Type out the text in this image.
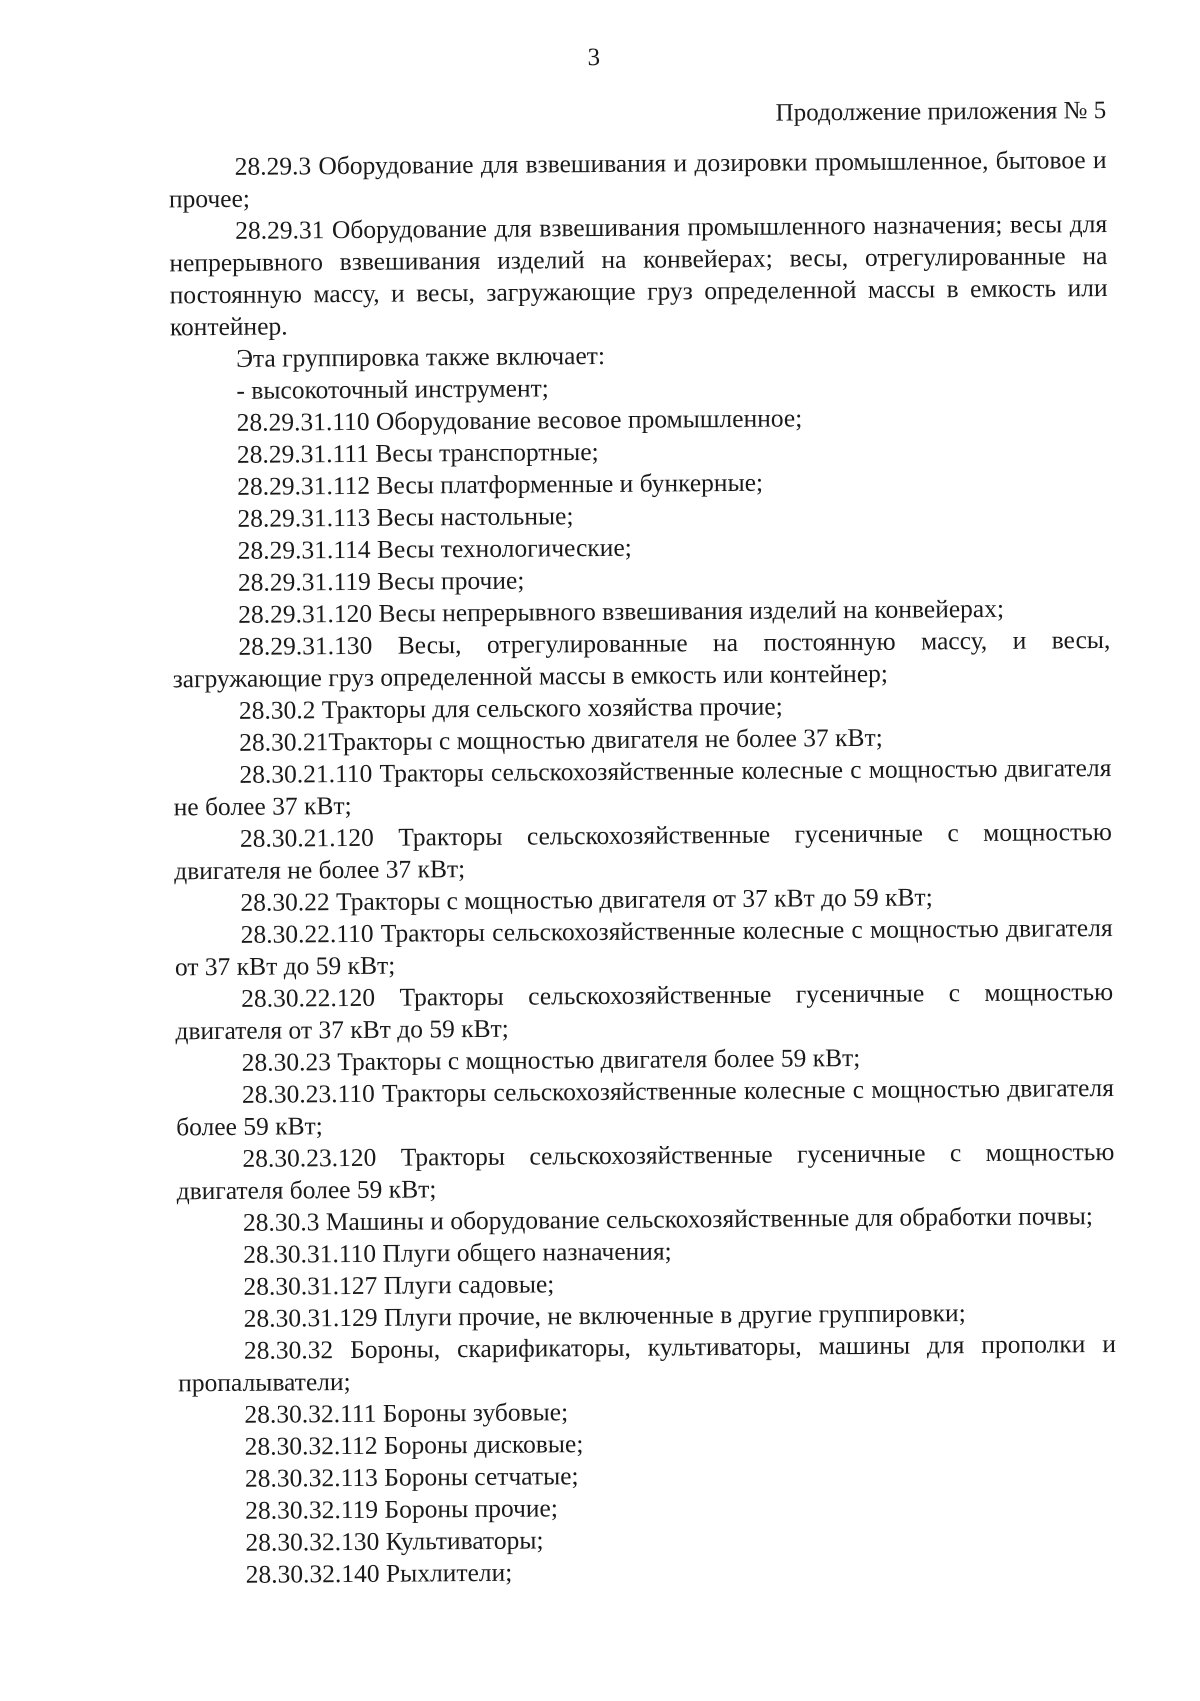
3
Продолжение приложения № 5

28.29.3 Оборудование для взвешивания и дозировки промышленное, бытовое и прочее;

28.29.31 Оборудование для взвешивания промышленного назначения; весы для непрерывного взвешивания изделий на конвейерах; весы, отрегулированные на постоянную массу, и весы, загружающие груз определенной массы в емкость или контейнер.

Эта группировка также включает:

- высокоточный инструмент;

28.29.31.110 Оборудование весовое промышленное;

28.29.31.111 Весы транспортные;

28.29.31.112 Весы платформенные и бункерные;

28.29.31.113 Весы настольные;

28.29.31.114 Весы технологические;

28.29.31.119 Весы прочие;

28.29.31.120 Весы непрерывного взвешивания изделий на конвейерах;

28.29.31.130 Весы, отрегулированные на постоянную массу, и весы, загружающие груз определенной массы в емкость или контейнер;

28.30.2 Тракторы для сельского хозяйства прочие;

28.30.21Тракторы с мощностью двигателя не более 37 кВт;

28.30.21.110 Тракторы сельскохозяйственные колесные с мощностью двигателя не более 37 кВт;

28.30.21.120 Тракторы сельскохозяйственные гусеничные с мощностью двигателя не более 37 кВт;

28.30.22 Тракторы с мощностью двигателя от 37 кВт до 59 кВт;

28.30.22.110 Тракторы сельскохозяйственные колесные с мощностью двигателя от 37 кВт до 59 кВт;

28.30.22.120 Тракторы сельскохозяйственные гусеничные с мощностью двигателя от 37 кВт до 59 кВт;

28.30.23 Тракторы с мощностью двигателя более 59 кВт;

28.30.23.110 Тракторы сельскохозяйственные колесные с мощностью двигателя более 59 кВт;

28.30.23.120 Тракторы сельскохозяйственные гусеничные с мощностью двигателя более 59 кВт;

28.30.3 Машины и оборудование сельскохозяйственные для обработки почвы;

28.30.31.110 Плуги общего назначения;

28.30.31.127 Плуги садовые;

28.30.31.129 Плуги прочие, не включенные в другие группировки;

28.30.32 Бороны, скарификаторы, культиваторы, машины для прополки и пропалыватели;

28.30.32.111 Бороны зубовые;

28.30.32.112 Бороны дисковые;

28.30.32.113 Бороны сетчатые;

28.30.32.119 Бороны прочие;

28.30.32.130 Культиваторы;

28.30.32.140 Рыхлители;
